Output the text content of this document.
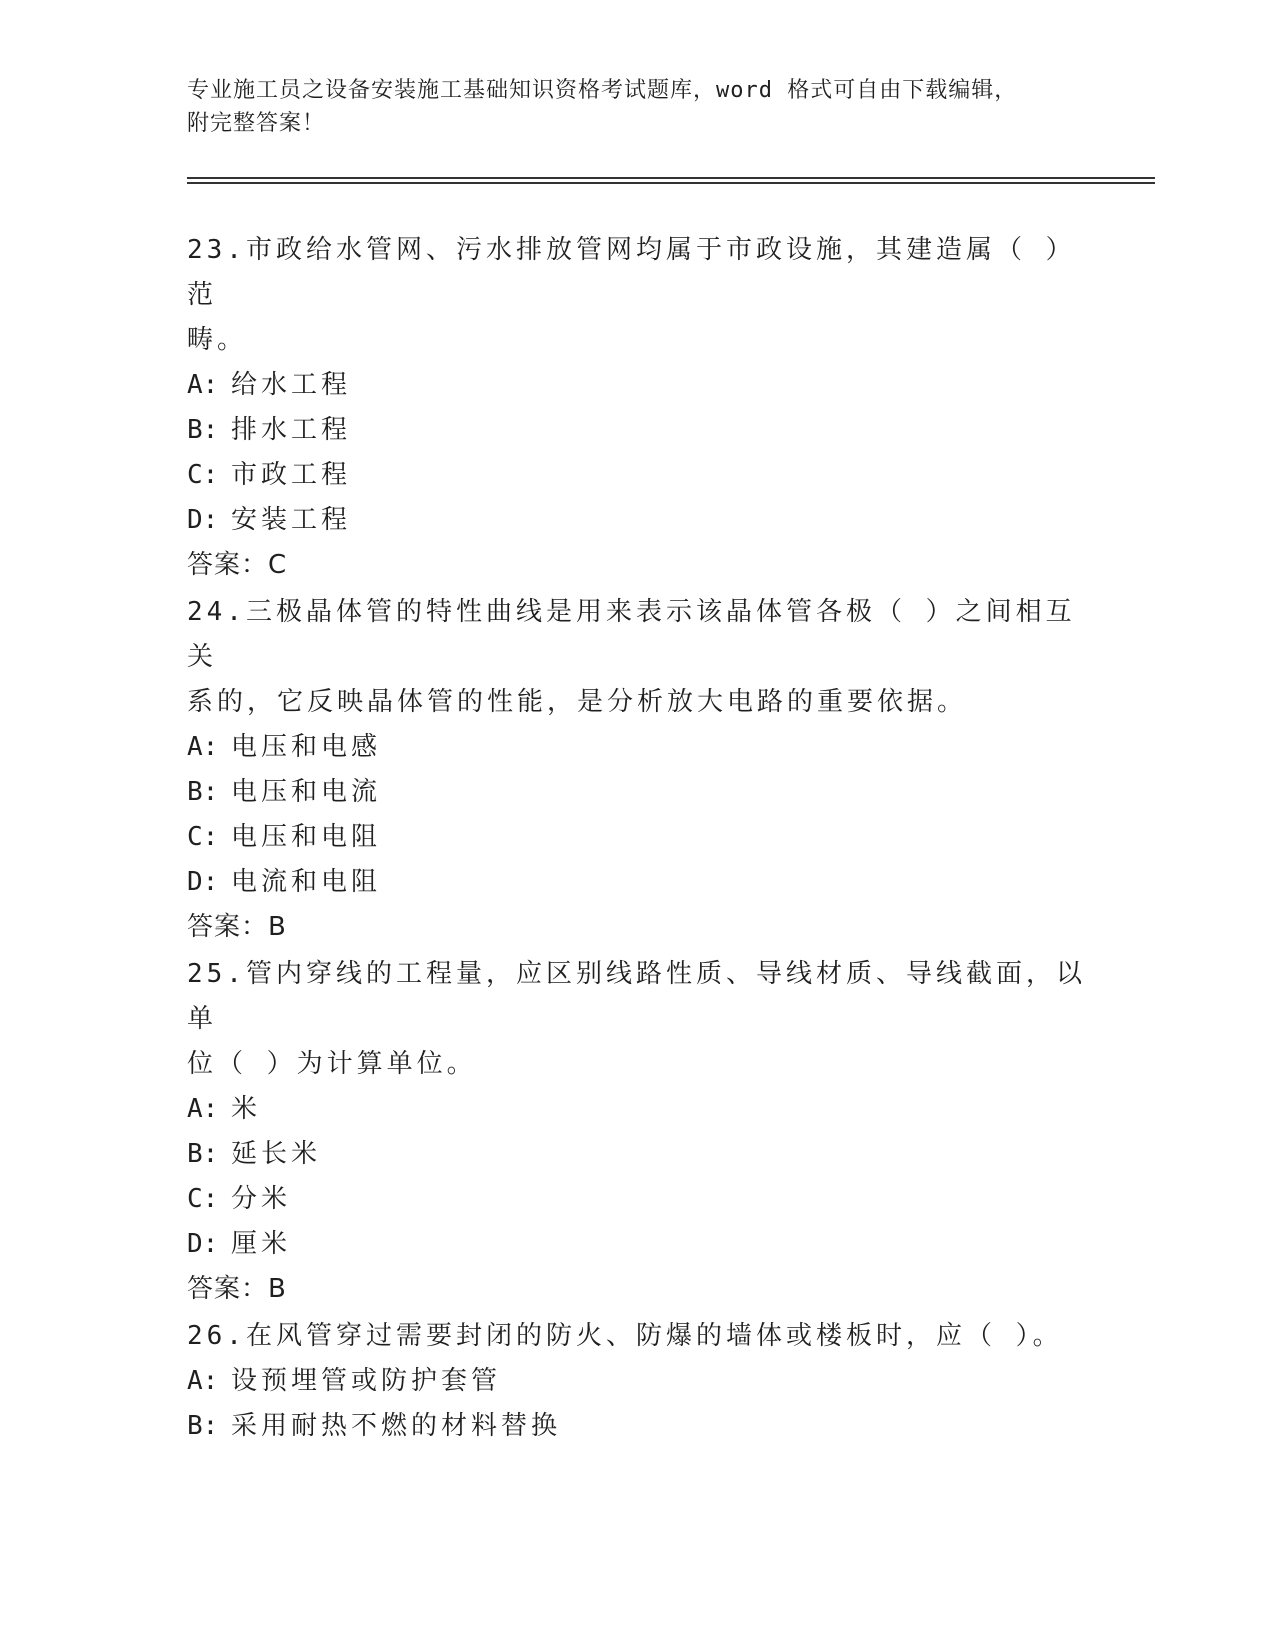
专业施工员之设备安装施工基础知识资格考试题库，word 格式可自由下载编辑，
附完整答案！

23.市政给水管网、污水排放管网均属于市政设施，其建造属（ ）范

畴。

A: 给水工程

B: 排水工程

C: 市政工程

D: 安装工程

答案：C

24.三极晶体管的特性曲线是用来表示该晶体管各极（ ）之间相互关

系的，它反映晶体管的性能，是分析放大电路的重要依据。

A: 电压和电感

B: 电压和电流

C: 电压和电阻

D: 电流和电阻

答案：B

25.管内穿线的工程量，应区别线路性质、导线材质、导线截面，以单

位（ ）为计算单位。

A: 米

B: 延长米

C: 分米

D: 厘米

答案：B

26.在风管穿过需要封闭的防火、防爆的墙体或楼板时，应（ ）。

A: 设预埋管或防护套管

B: 采用耐热不燃的材料替换
